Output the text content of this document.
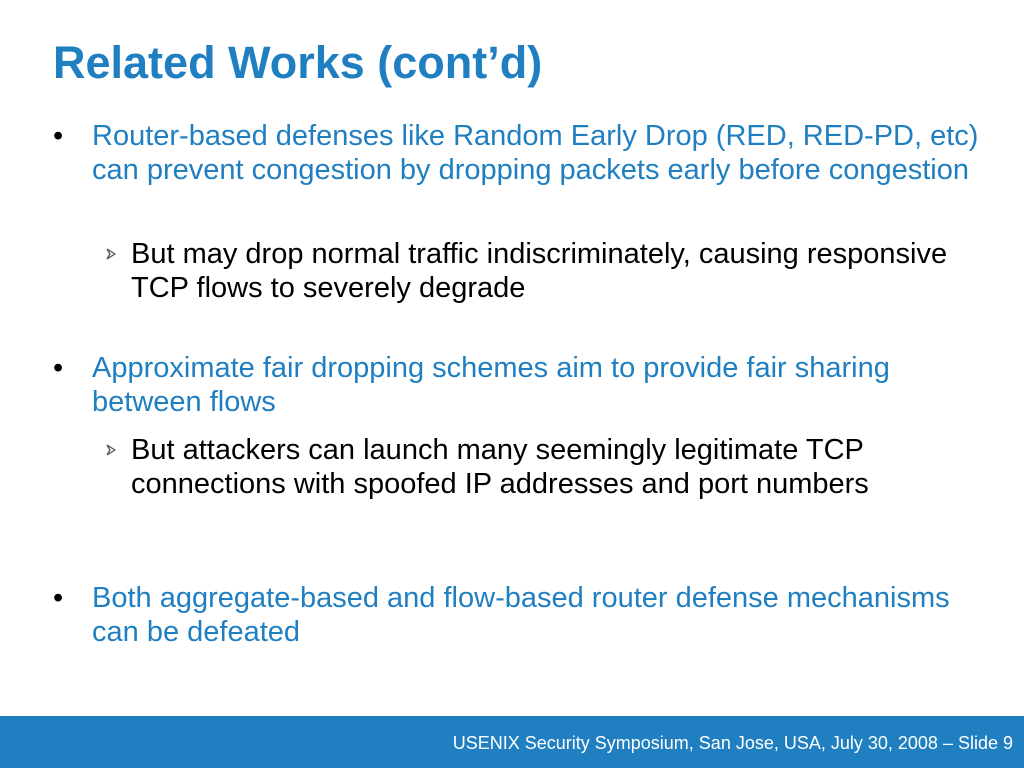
Related Works (cont’d)
• Router-based defenses like Random Early Drop (RED, RED-PD, etc) can prevent congestion by dropping packets early before congestion
But may drop normal traffic indiscriminately, causing responsive TCP flows to severely degrade
• Approximate fair dropping schemes aim to provide fair sharing between flows
But attackers can launch many seemingly legitimate TCP connections with spoofed IP addresses and port numbers
• Both aggregate-based and flow-based router defense mechanisms can be defeated
USENIX Security Symposium, San Jose, USA, July 30, 2008 – Slide 9
